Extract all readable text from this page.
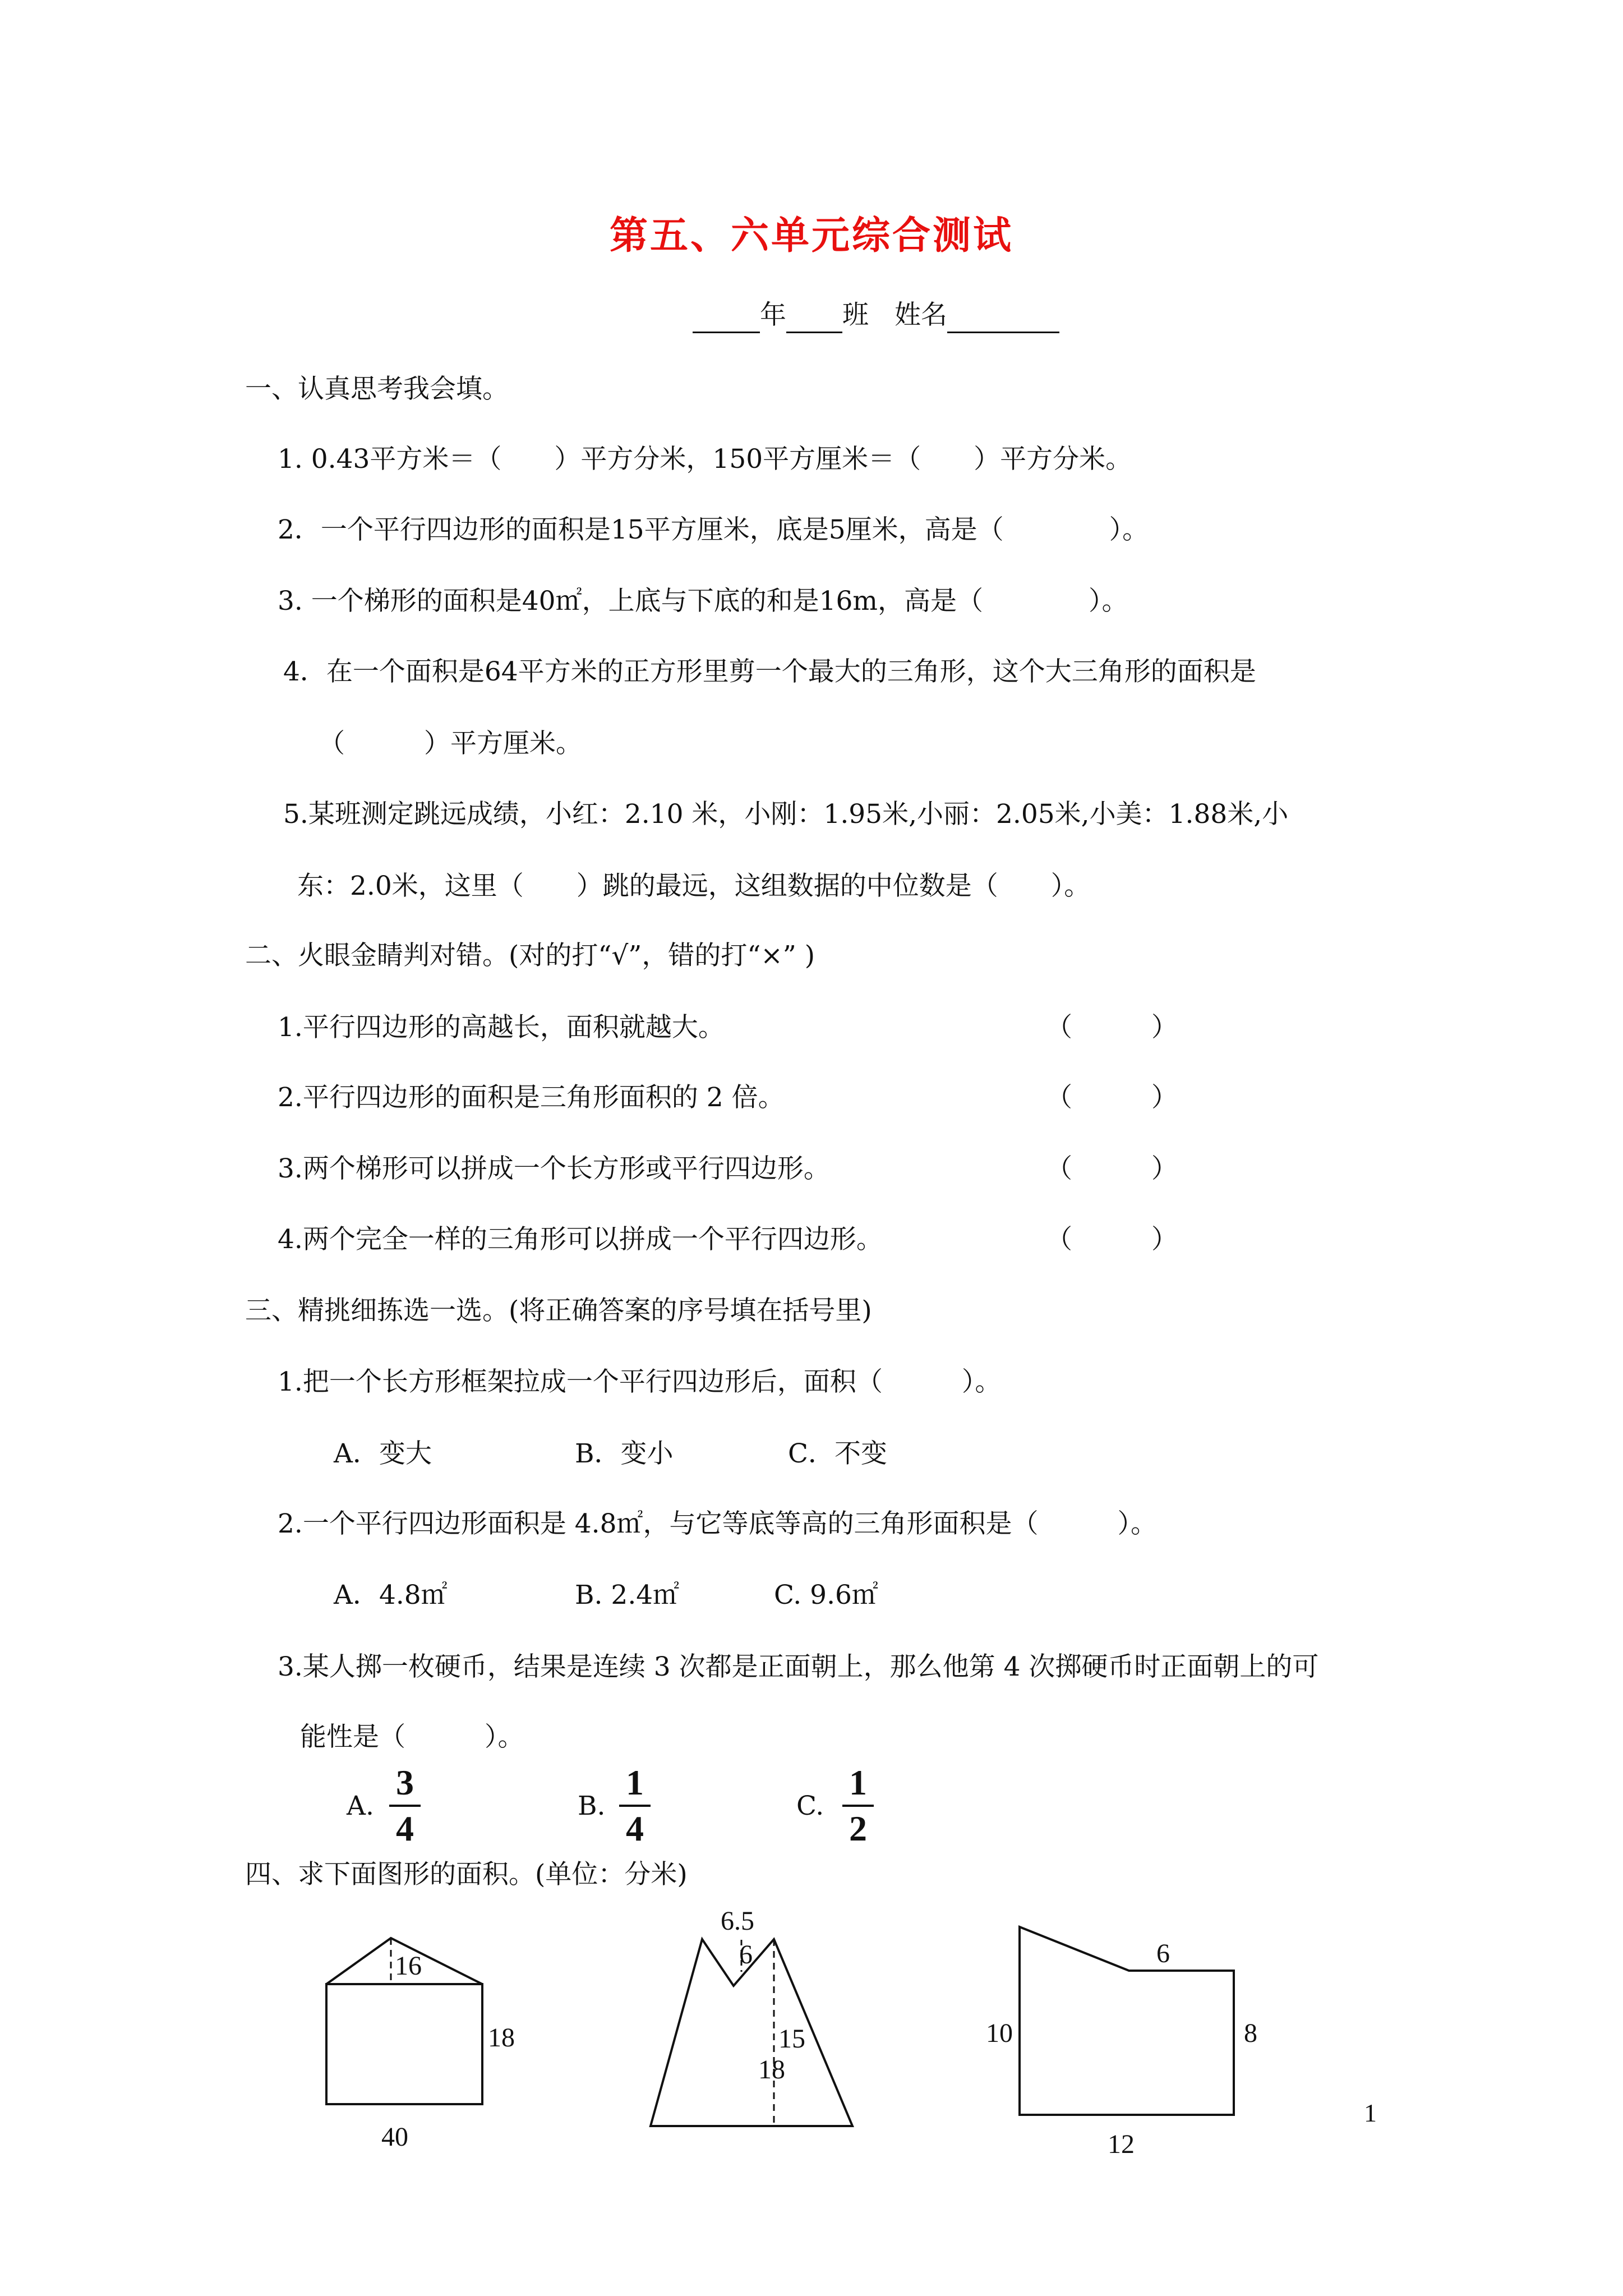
第五、六单元综合测试
年 班 姓名

一、认真思考我会填。

1. 0.43平方米＝（　　）平方分米，150平方厘米＝（　　）平方分米。

2．一个平行四边形的面积是15平方厘米，底是5厘米，高是（　　　　）。

3. 一个梯形的面积是40㎡，上底与下底的和是16m，高是（　　　　）。

4．在一个面积是64平方米的正方形里剪一个最大的三角形，这个大三角形的面积是

（　　　）平方厘米。

5.某班测定跳远成绩，小红：2.10 米，小刚：1.95米,小丽：2.05米,小美：1.88米,小

东：2.0米，这里（　　）跳的最远，这组数据的中位数是（　　）。

二、火眼金睛判对错。(对的打“√”，错的打“×” )

1.平行四边形的高越长，面积就越大。	（　　　）

2.平行四边形的面积是三角形面积的 2 倍。	（　　　）

3.两个梯形可以拼成一个长方形或平行四边形。	（　　　）

4.两个完全一样的三角形可以拼成一个平行四边形。	（　　　）

三、精挑细拣选一选。(将正确答案的序号填在括号里)

1.把一个长方形框架拉成一个平行四边形后，面积（　　　）。

A．变大	B．变小	C．不变

2.一个平行四边形面积是 4.8㎡，与它等底等高的三角形面积是（　　　）。

A．4.8㎡	B. 2.4㎡	C. 9.6㎡

3.某人掷一枚硬币，结果是连续 3 次都是正面朝上，那么他第 4 次掷硬币时正面朝上的可

能性是（　　　）。

A.

3
4

B.

1
4

C.

1
2

四、求下面图形的面积。(单位：分米)

16
18
40
6.5
6
15
18
6
10	8
12
1
